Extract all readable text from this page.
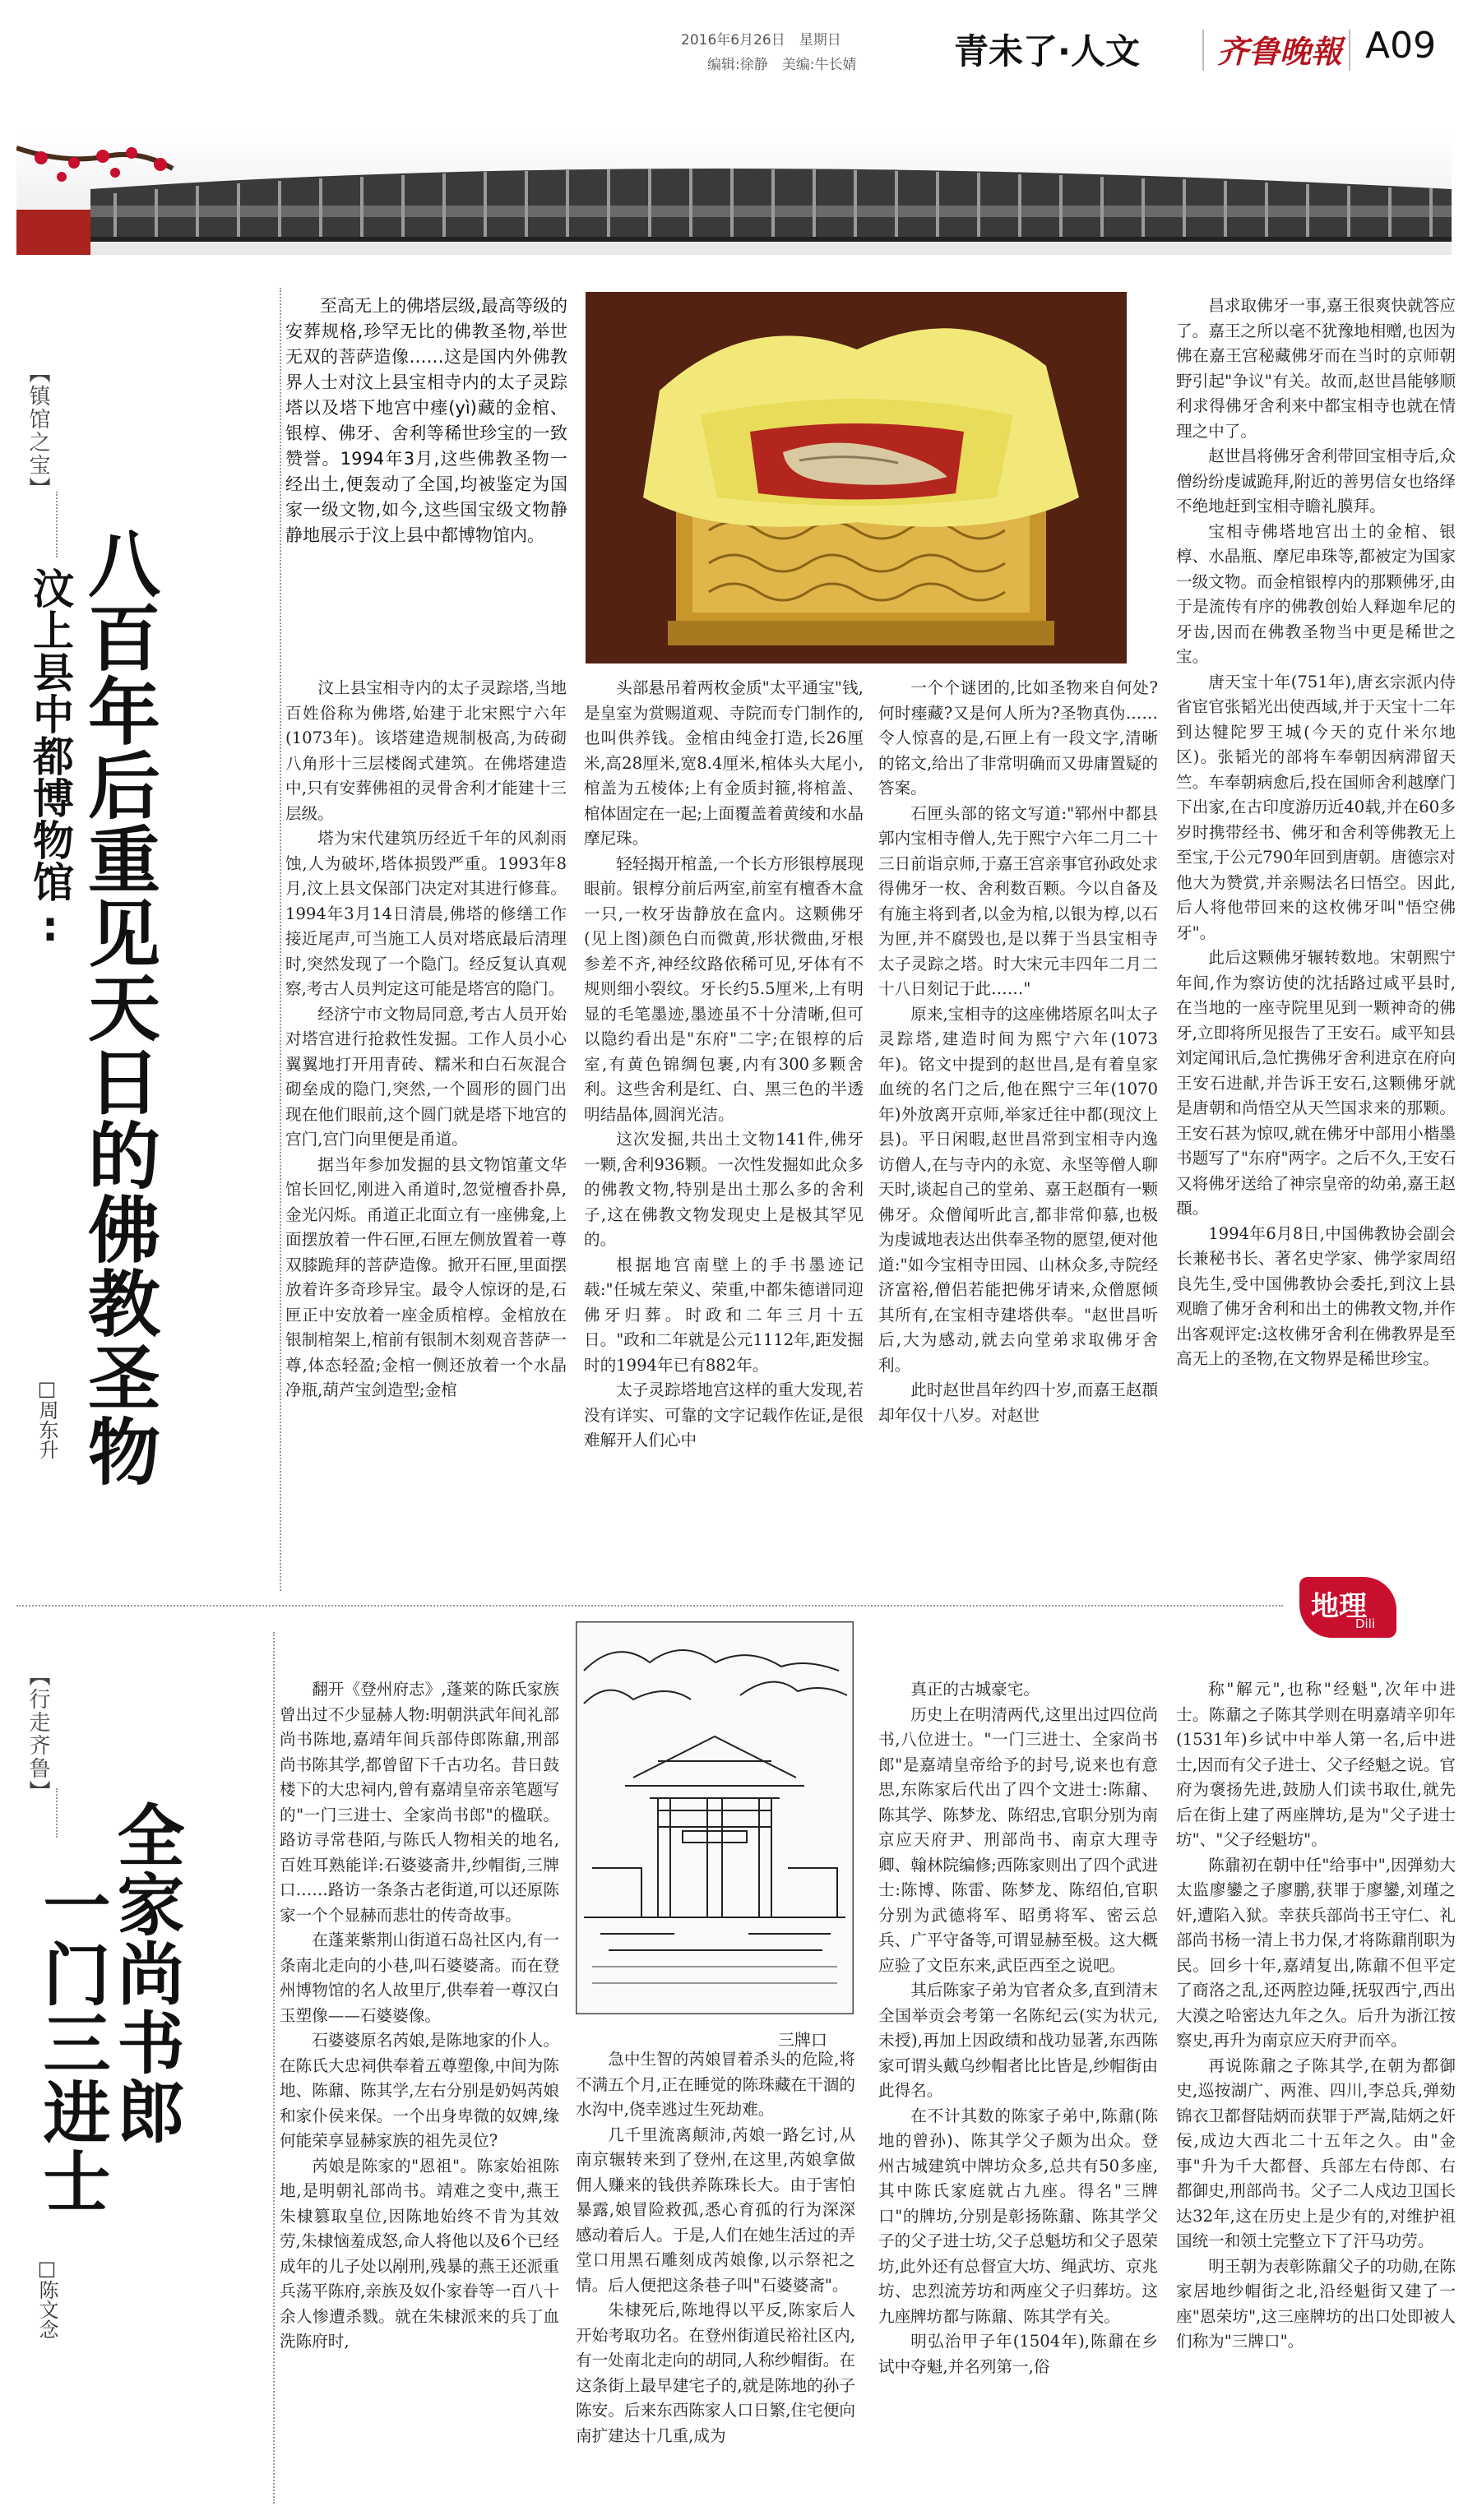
2016年6月26日　星期日
编辑:徐静　美编:牛长婧	青未了·人文 齐鲁晚報 A09
【镇馆之宝】
八百年后重见天日的佛教圣物
汶上县中都博物馆:
□周东升

至高无上的佛塔层级,最高等级的安葬规格,珍罕无比的佛教圣物,举世无双的菩萨造像……这是国内外佛教界人士对汶上县宝相寺内的太子灵踪塔以及塔下地宫中瘗(yì)藏的金棺、银椁、佛牙、舍利等稀世珍宝的一致赞誉。1994年3月,这些佛教圣物一经出土,便轰动了全国,均被鉴定为国家一级文物,如今,这些国宝级文物静静地展示于汶上县中都博物馆内。

汶上县宝相寺内的太子灵踪塔,当地百姓俗称为佛塔,始建于北宋熙宁六年(1073年)。该塔建造规制极高,为砖砌八角形十三层楼阁式建筑。在佛塔建造中,只有安葬佛祖的灵骨舍利才能建十三层级。

塔为宋代建筑历经近千年的风刹雨蚀,人为破坏,塔体损毁严重。1993年8月,汶上县文保部门决定对其进行修葺。1994年3月14日清晨,佛塔的修缮工作接近尾声,可当施工人员对塔底最后清理时,突然发现了一个隐门。经反复认真观察,考古人员判定这可能是塔宫的隐门。

经济宁市文物局同意,考古人员开始对塔宫进行抢救性发掘。工作人员小心翼翼地打开用青砖、糯米和白石灰混合砌垒成的隐门,突然,一个圆形的圆门出现在他们眼前,这个圆门就是塔下地宫的宫门,宫门向里便是甬道。

据当年参加发掘的县文物馆董文华馆长回忆,刚进入甬道时,忽觉檀香扑鼻,金光闪烁。甬道正北面立有一座佛龛,上面摆放着一件石匣,石匣左侧放置着一尊双膝跪拜的菩萨造像。掀开石匣,里面摆放着许多奇珍异宝。最令人惊讶的是,石匣正中安放着一座金质棺椁。金棺放在银制棺架上,棺前有银制木刻观音菩萨一尊,体态轻盈;金棺一侧还放着一个水晶净瓶,葫芦宝剑造型;金棺

头部悬吊着两枚金质"太平通宝"钱,是皇室为赏赐道观、寺院而专门制作的,也叫供养钱。金棺由纯金打造,长26厘米,高28厘米,宽8.4厘米,棺体头大尾小,棺盖为五棱体;上有金质封箍,将棺盖、棺体固定在一起;上面覆盖着黄绫和水晶摩尼珠。

轻轻揭开棺盖,一个长方形银椁展现眼前。银椁分前后两室,前室有檀香木盒一只,一枚牙齿静放在盒内。这颗佛牙(见上图)颜色白而微黄,形状微曲,牙根参差不齐,神经纹路依稀可见,牙体有不规则细小裂纹。牙长约5.5厘米,上有明显的毛笔墨迹,墨迹虽不十分清晰,但可以隐约看出是"东府"二字;在银椁的后室,有黄色锦绸包裹,内有300多颗舍利。这些舍利是红、白、黑三色的半透明结晶体,圆润光洁。

这次发掘,共出土文物141件,佛牙一颗,舍利936颗。一次性发掘如此众多的佛教文物,特别是出土那么多的舍利子,这在佛教文物发现史上是极其罕见的。

根据地宫南壁上的手书墨迹记载:"任城左荣义、荣重,中都朱德谱同迎佛牙归葬。时政和二年三月十五日。"政和二年就是公元1112年,距发掘时的1994年已有882年。

太子灵踪塔地宫这样的重大发现,若没有详实、可靠的文字记载作佐证,是很难解开人们心中

一个个谜团的,比如圣物来自何处?何时瘗藏?又是何人所为?圣物真伪……令人惊喜的是,石匣上有一段文字,清晰的铭文,给出了非常明确而又毋庸置疑的答案。

石匣头部的铭文写道:"郓州中都县郭内宝相寺僧人,先于熙宁六年二月二十三日前诣京师,于嘉王宫亲事官孙政处求得佛牙一枚、舍利数百颗。今以自备及有施主将到者,以金为棺,以银为椁,以石为匣,并不腐毁也,是以葬于当县宝相寺太子灵踪之塔。时大宋元丰四年二月二十八日刻记于此……"

原来,宝相寺的这座佛塔原名叫太子灵踪塔,建造时间为熙宁六年(1073年)。铭文中提到的赵世昌,是有着皇家血统的名门之后,他在熙宁三年(1070年)外放离开京师,举家迁往中都(现汶上县)。平日闲暇,赵世昌常到宝相寺内逸访僧人,在与寺内的永宽、永坚等僧人聊天时,谈起自己的堂弟、嘉王赵頵有一颗佛牙。众僧闻听此言,都非常仰慕,也极为虔诚地表达出供奉圣物的愿望,便对他道:"如今宝相寺田园、山林众多,寺院经济富裕,僧侣若能把佛牙请来,众僧愿倾其所有,在宝相寺建塔供奉。"赵世昌听后,大为感动,就去向堂弟求取佛牙舍利。

此时赵世昌年约四十岁,而嘉王赵頵却年仅十八岁。对赵世

昌求取佛牙一事,嘉王很爽快就答应了。嘉王之所以毫不犹豫地相赠,也因为佛在嘉王宫秘藏佛牙而在当时的京师朝野引起"争议"有关。故而,赵世昌能够顺利求得佛牙舍利来中都宝相寺也就在情理之中了。

赵世昌将佛牙舍利带回宝相寺后,众僧纷纷虔诚跪拜,附近的善男信女也络绎不绝地赶到宝相寺瞻礼膜拜。

宝相寺佛塔地宫出土的金棺、银椁、水晶瓶、摩尼串珠等,都被定为国家一级文物。而金棺银椁内的那颗佛牙,由于是流传有序的佛教创始人释迦牟尼的牙齿,因而在佛教圣物当中更是稀世之宝。

唐天宝十年(751年),唐玄宗派内侍省宦官张韬光出使西域,并于天宝十二年到达犍陀罗王城(今天的克什米尔地区)。张韬光的部将车奉朝因病滞留天竺。车奉朝病愈后,投在国师舍利越摩门下出家,在古印度游历近40载,并在60多岁时携带经书、佛牙和舍利等佛教无上至宝,于公元790年回到唐朝。唐德宗对他大为赞赏,并亲赐法名曰悟空。因此,后人将他带回来的这枚佛牙叫"悟空佛牙"。

此后这颗佛牙辗转数地。宋朝熙宁年间,作为察访使的沈括路过咸平县时,在当地的一座寺院里见到一颗神奇的佛牙,立即将所见报告了王安石。咸平知县刘定闻讯后,急忙携佛牙舍利进京在府向王安石进献,并告诉王安石,这颗佛牙就是唐朝和尚悟空从天竺国求来的那颗。王安石甚为惊叹,就在佛牙中部用小楷墨书题写了"东府"两字。之后不久,王安石又将佛牙送给了神宗皇帝的幼弟,嘉王赵頵。

1994年6月8日,中国佛教协会副会长兼秘书长、著名史学家、佛学家周绍良先生,受中国佛教协会委托,到汶上县观瞻了佛牙舍利和出土的佛教文物,并作出客观评定:这枚佛牙舍利在佛教界是至高无上的圣物,在文物界是稀世珍宝。

地理
Dili
【行走齐鲁】
全家尚书郎
一门三进士
□陈文念
三牌口

翻开《登州府志》,蓬莱的陈氏家族曾出过不少显赫人物:明朝洪武年间礼部尚书陈地,嘉靖年间兵部侍郎陈鼐,刑部尚书陈其学,都曾留下千古功名。昔日鼓楼下的大忠祠内,曾有嘉靖皇帝亲笔题写的"一门三进士、全家尚书郎"的楹联。路访寻常巷陌,与陈氏人物相关的地名,百姓耳熟能详:石婆婆斋井,纱帽街,三牌口……路访一条条古老街道,可以还原陈家一个个显赫而悲壮的传奇故事。

在蓬莱紫荆山街道石岛社区内,有一条南北走向的小巷,叫石婆婆斋。而在登州博物馆的名人故里厅,供奉着一尊汉白玉塑像——石婆婆像。

石婆婆原名芮娘,是陈地家的仆人。在陈氏大忠祠供奉着五尊塑像,中间为陈地、陈鼐、陈其学,左右分别是奶妈芮娘和家仆侯来保。一个出身卑微的奴婢,缘何能荣享显赫家族的祖先灵位?

芮娘是陈家的"恩祖"。陈家始祖陈地,是明朝礼部尚书。靖难之变中,燕王朱棣篡取皇位,因陈地始终不肯为其效劳,朱棣恼羞成怒,命人将他以及6个已经成年的儿子处以剐刑,残暴的燕王还派重兵荡平陈府,亲族及奴仆家眷等一百八十余人惨遭杀戮。就在朱棣派来的兵丁血洗陈府时,

急中生智的芮娘冒着杀头的危险,将不满五个月,正在睡觉的陈珠藏在干涸的水沟中,侥幸逃过生死劫难。

几千里流离颠沛,芮娘一路乞讨,从南京辗转来到了登州,在这里,芮娘拿做佣人赚来的钱供养陈珠长大。由于害怕暴露,娘冒险救孤,悉心育孤的行为深深感动着后人。于是,人们在她生活过的弄堂口用黑石雕刻成芮娘像,以示祭祀之情。后人便把这条巷子叫"石婆婆斋"。

朱棣死后,陈地得以平反,陈家后人开始考取功名。在登州街道民裕社区内,有一处南北走向的胡同,人称纱帽街。在这条街上最早建宅子的,就是陈地的孙子陈安。后来东西陈家人口日繁,住宅便向南扩建达十几重,成为

真正的古城豪宅。

历史上在明清两代,这里出过四位尚书,八位进士。"一门三进士、全家尚书郎"是嘉靖皇帝给予的封号,说来也有意思,东陈家后代出了四个文进士:陈鼐、陈其学、陈梦龙、陈绍忠,官职分别为南京应天府尹、刑部尚书、南京大理寺卿、翰林院编修;西陈家则出了四个武进士:陈博、陈雷、陈梦龙、陈绍伯,官职分别为武德将军、昭勇将军、密云总兵、广平守备等,可谓显赫至极。这大概应验了文臣东来,武臣西至之说吧。

其后陈家子弟为官者众多,直到清末全国举贡会考第一名陈纪云(实为状元,未授),再加上因政绩和战功显著,东西陈家可谓头戴乌纱帽者比比皆是,纱帽街由此得名。

在不计其数的陈家子弟中,陈鼐(陈地的曾孙)、陈其学父子颇为出众。登州古城建筑中牌坊众多,总共有50多座,其中陈氏家庭就占九座。得名"三牌口"的牌坊,分别是彰扬陈鼐、陈其学父子的父子进士坊,父子总魁坊和父子恩荣坊,此外还有总督宣大坊、绳武坊、京兆坊、忠烈流芳坊和两座父子归葬坊。这九座牌坊都与陈鼐、陈其学有关。

明弘治甲子年(1504年),陈鼐在乡试中夺魁,并名列第一,俗

称"解元",也称"经魁",次年中进士。陈鼐之子陈其学则在明嘉靖辛卯年(1531年)乡试中中举人第一名,后中进士,因而有父子进士、父子经魁之说。官府为褒扬先进,鼓励人们读书取仕,就先后在街上建了两座牌坊,是为"父子进士坊"、"父子经魁坊"。

陈鼐初在朝中任"给事中",因弹劾大太监廖鑾之子廖鹏,获罪于廖鑾,刘瑾之奸,遭陷入狱。幸获兵部尚书王守仁、礼部尚书杨一清上书力保,才将陈鼐削职为民。回乡十年,嘉靖复出,陈鼐不但平定了商洛之乱,还两腔边陲,抚驭西宁,西出大漠之哈密达九年之久。后升为浙江按察史,再升为南京应天府尹而卒。

再说陈鼐之子陈其学,在朝为都御史,巡按湖广、两淮、四川,李总兵,弹劾锦衣卫都督陆炳而获罪于严嵩,陆炳之奸佞,成边大西北二十五年之久。由"金事"升为千大都督、兵部左右侍郎、右都御史,刑部尚书。父子二人戍边卫国长达32年,这在历史上是少有的,对维护祖国统一和领土完整立下了汗马功劳。

明王朝为表彰陈鼐父子的功勋,在陈家居地纱帽街之北,沿经魁街又建了一座"恩荣坊",这三座牌坊的出口处即被人们称为"三牌口"。
